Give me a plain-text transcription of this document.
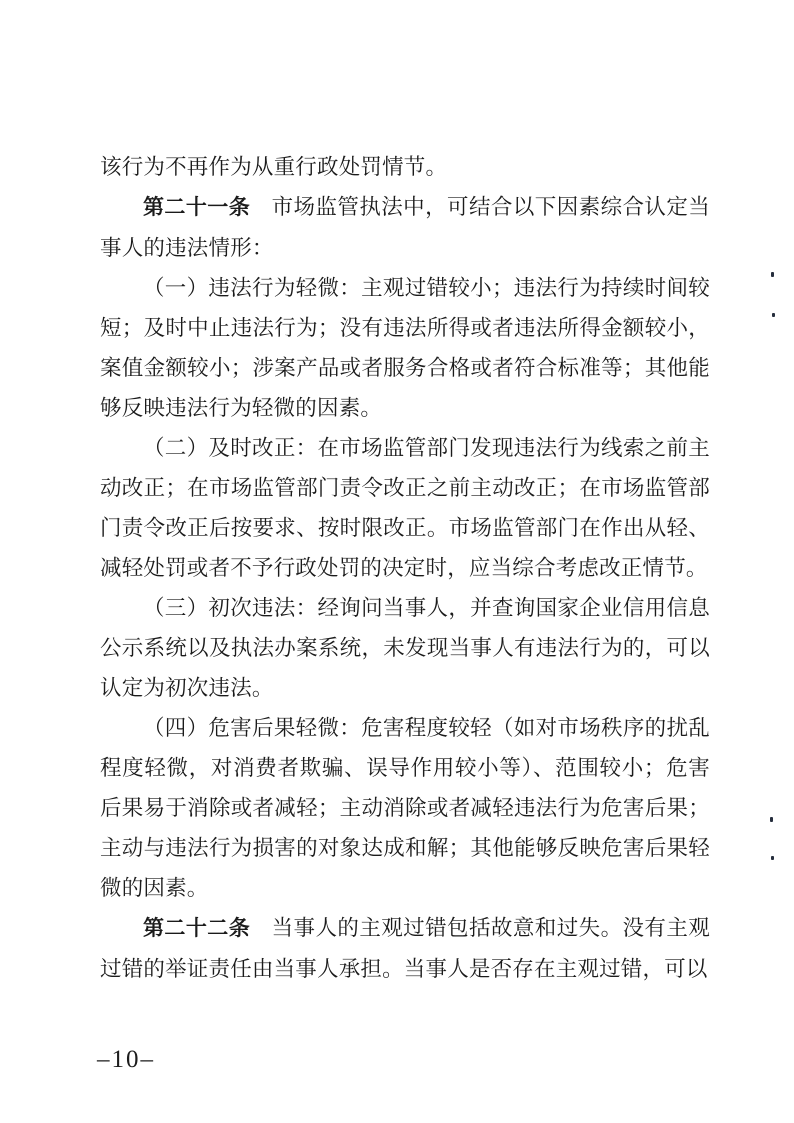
该行为不再作为从重行政处罚情节。

第二十一条　市场监管执法中，可结合以下因素综合认定当事人的违法情形：

（一）违法行为轻微：主观过错较小；违法行为持续时间较短；及时中止违法行为；没有违法所得或者违法所得金额较小，案值金额较小；涉案产品或者服务合格或者符合标准等；其他能够反映违法行为轻微的因素。

（二）及时改正：在市场监管部门发现违法行为线索之前主动改正；在市场监管部门责令改正之前主动改正；在市场监管部门责令改正后按要求、按时限改正。市场监管部门在作出从轻、减轻处罚或者不予行政处罚的决定时，应当综合考虑改正情节。

（三）初次违法：经询问当事人，并查询国家企业信用信息公示系统以及执法办案系统，未发现当事人有违法行为的，可以认定为初次违法。

（四）危害后果轻微：危害程度较轻（如对市场秩序的扰乱程度轻微，对消费者欺骗、误导作用较小等）、范围较小；危害后果易于消除或者减轻；主动消除或者减轻违法行为危害后果；主动与违法行为损害的对象达成和解；其他能够反映危害后果轻微的因素。

第二十二条　当事人的主观过错包括故意和过失。没有主观过错的举证责任由当事人承担。当事人是否存在主观过错，可以

–10–
